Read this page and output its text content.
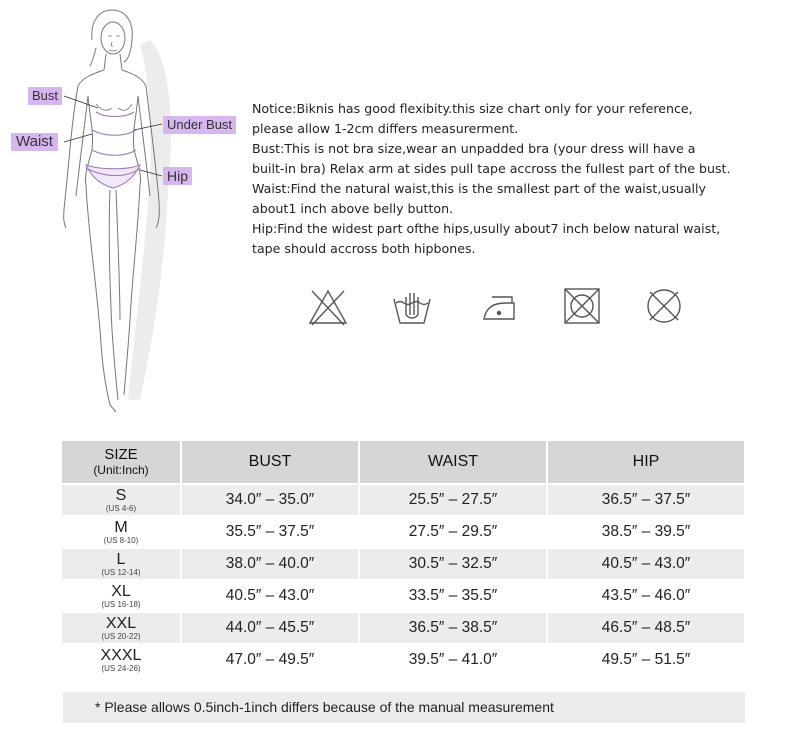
Bust
Waist
Under Bust
Hip

Notice:Biknis has good flexibity.this size chart only for your reference,

please allow 1-2cm differs measurerment.

Bust:This is not bra size,wear an unpadded bra (your dress will have a

built-in bra) Relax arm at sides pull tape accross the fullest part of the bust.

Waist:Find the natural waist,this is the smallest part of the waist,usually

about1 inch above belly button.

Hip:Find the widest part ofthe hips,usully about7 inch below natural waist,

tape should accross both hipbones.

SIZE
(Unit:Inch)	BUST	WAIST	HIP

S
(US 4-6)	34.0″ – 35.0″	25.5″ – 27.5″	36.5″ – 37.5″

M
(US 8-10)	35.5″ – 37.5″	27.5″ – 29.5″	38.5″ – 39.5″

L
(US 12-14)	38.0″ – 40.0″	30.5″ – 32.5″	40.5″ – 43.0″

XL
(US 16-18)	40.5″ – 43.0″	33.5″ – 35.5″	43.5″ – 46.0″

XXL
(US 20-22)	44.0″ – 45.5″	36.5″ – 38.5″	46.5″ – 48.5″

XXXL
(US 24-26)	47.0″ – 49.5″	39.5″ – 41.0″	49.5″ – 51.5″
* Please allows 0.5inch-1inch differs because of the manual measurement
